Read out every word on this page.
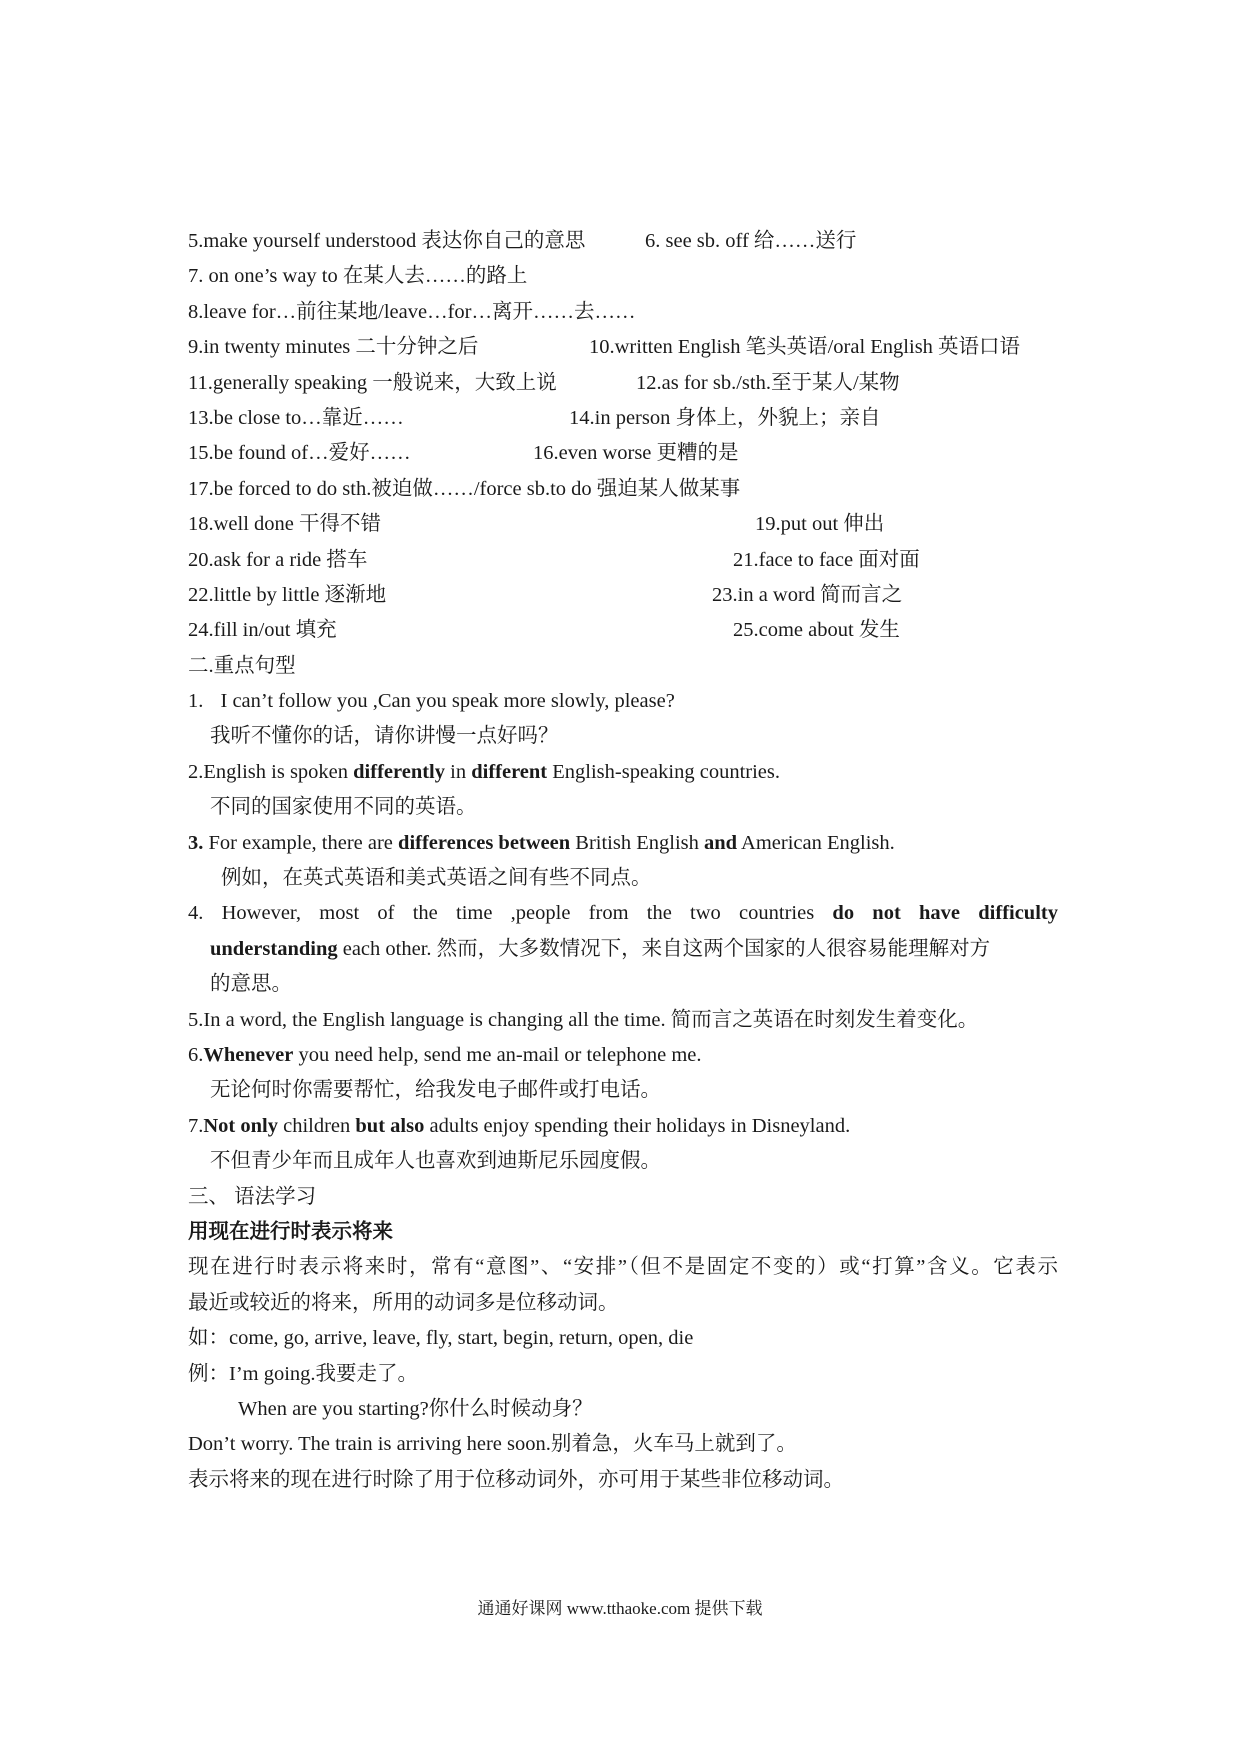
5.make yourself understood 表达你自己的意思	6. see sb. off 给……送行
7. on one’s way to 在某人去……的路上
8.leave for…前往某地/leave…for…离开……去……
9.in twenty minutes 二十分钟之后	10.written English 笔头英语/oral English 英语口语
11.generally speaking 一般说来，大致上说	12.as for sb./sth.至于某人/某物
13.be close to…靠近……	14.in person 身体上，外貌上；亲自
15.be found of…爱好……	16.even worse 更糟的是
17.be forced to do sth.被迫做……/force sb.to do 强迫某人做某事
18.well done 干得不错	19.put out 伸出
20.ask for a ride 搭车	21.face to face 面对面
22.little by little 逐渐地	23.in a word 简而言之
24.fill in/out 填充	25.come about 发生
二.重点句型
1. I can’t follow you ,Can you speak more slowly, please?
我听不懂你的话，请你讲慢一点好吗？
2.English is spoken differently in different English-speaking countries.
不同的国家使用不同的英语。
3. For example, there are differences between British English and American English.
例如，在英式英语和美式英语之间有些不同点。
4. However, most of the time ,people from the two countries do not have difficulty
understanding each other. 然而，大多数情况下，来自这两个国家的人很容易能理解对方
的意思。
5.In a word, the English language is changing all the time. 简而言之英语在时刻发生着变化。
6.Whenever you need help, send me an-mail or telephone me.
无论何时你需要帮忙，给我发电子邮件或打电话。
7.Not only children but also adults enjoy spending their holidays in Disneyland.
不但青少年而且成年人也喜欢到迪斯尼乐园度假。
三、 语法学习
用现在进行时表示将来
现在进行时表示将来时，常有“意图”、“安排”（但不是固定不变的）或“打算”含义。它表示
最近或较近的将来，所用的动词多是位移动词。
如：come, go, arrive, leave, fly, start, begin, return, open, die
例：I’m going.我要走了。
When are you starting?你什么时候动身？
Don’t worry. The train is arriving here soon.别着急，火车马上就到了。
表示将来的现在进行时除了用于位移动词外，亦可用于某些非位移动词。
通通好课网 www.tthaoke.com 提供下载
